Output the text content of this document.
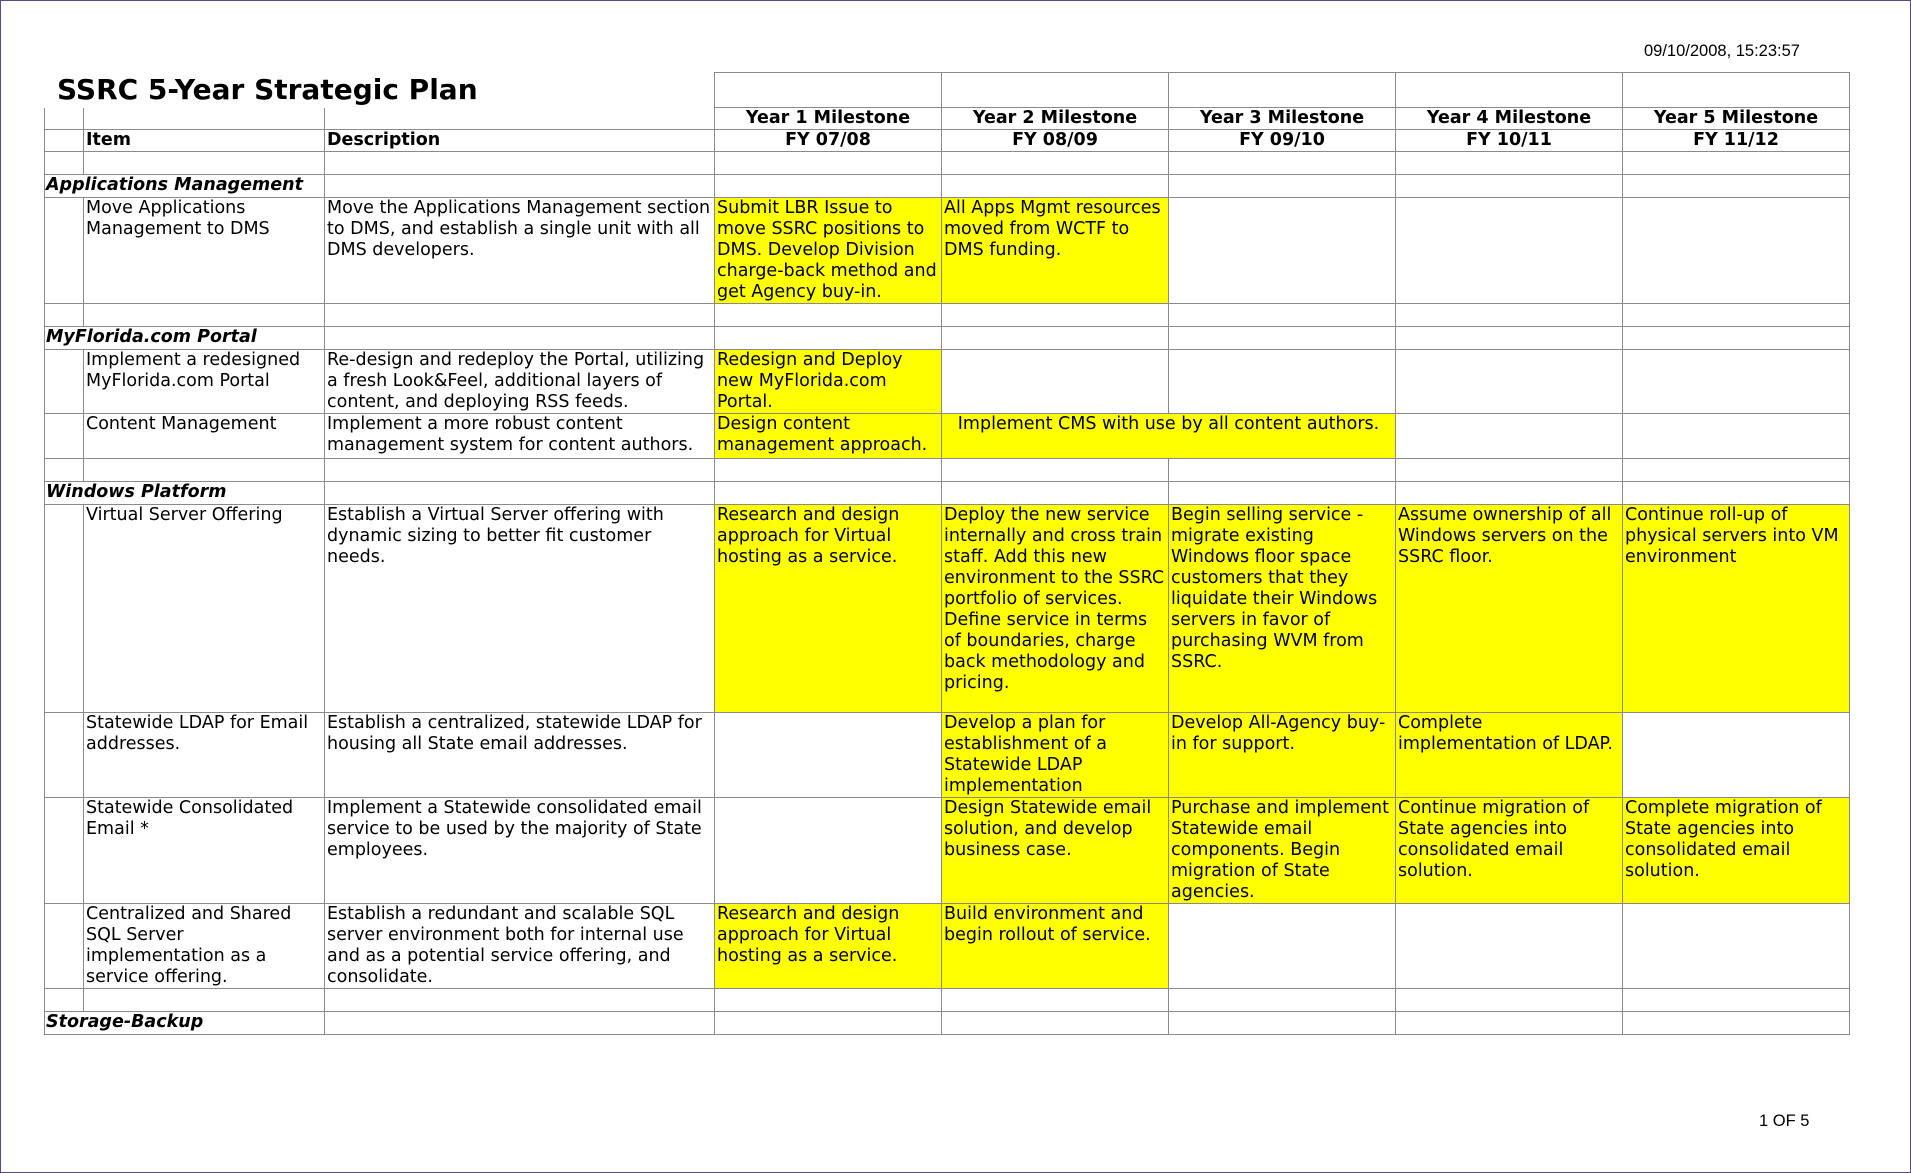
09/10/2008, 15:23:57

			Year 1 Milestone	Year 2 Milestone	Year 3 Milestone	Year 4 Milestone	Year 5 Milestone
	Item	Description	FY 07/08	FY 08/09	FY 09/10	FY 10/11	FY 11/12

Applications Management							
	Move Applications Management to DMS	Move the Applications Management section to DMS, and establish a single unit with all DMS developers.	Submit LBR Issue to move SSRC positions to DMS. Develop Division charge-back method and get Agency buy-in.	All Apps Mgmt resources moved from WCTF to DMS funding.			

MyFlorida.com Portal							
	Implement a redesigned MyFlorida.com Portal	Re-design and redeploy the Portal, utilizing a fresh Look&Feel, additional layers of content, and deploying RSS feeds.	Redesign and Deploy new MyFlorida.com Portal.				
	Content Management	Implement a more robust content management system for content authors.	Design content management approach.	Implement CMS with use by all content authors.			

Windows Platform							
	Virtual Server Offering	Establish a Virtual Server offering with dynamic sizing to better fit customer needs.	Research and design approach for Virtual hosting as a service.	Deploy the new service internally and cross train staff. Add this new environment to the SSRC portfolio of services. Define service in terms of boundaries, charge back methodology and pricing.	Begin selling service - migrate existing Windows floor space customers that they liquidate their Windows servers in favor of purchasing WVM from SSRC.	Assume ownership of all Windows servers on the SSRC floor.	Continue roll-up of physical servers into VM environment
	Statewide LDAP for Email addresses.	Establish a centralized, statewide LDAP for housing all State email addresses.		Develop a plan for establishment of a Statewide LDAP implementation	Develop All-Agency buy-in for support.	Complete implementation of LDAP.	
	Statewide Consolidated Email *	Implement a Statewide consolidated email service to be used by the majority of State employees.		Design Statewide email solution, and develop business case.	Purchase and implement Statewide email components. Begin migration of State agencies.	Continue migration of State agencies into consolidated email solution.	Complete migration of State agencies into consolidated email solution.
	Centralized and Shared SQL Server implementation as a service offering.	Establish a redundant and scalable SQL server environment both for internal use and as a potential service offering, and consolidate.	Research and design approach for Virtual hosting as a service.	Build environment and begin rollout of service.			

Storage-Backup							
SSRC 5-Year Strategic Plan
1 OF 5
